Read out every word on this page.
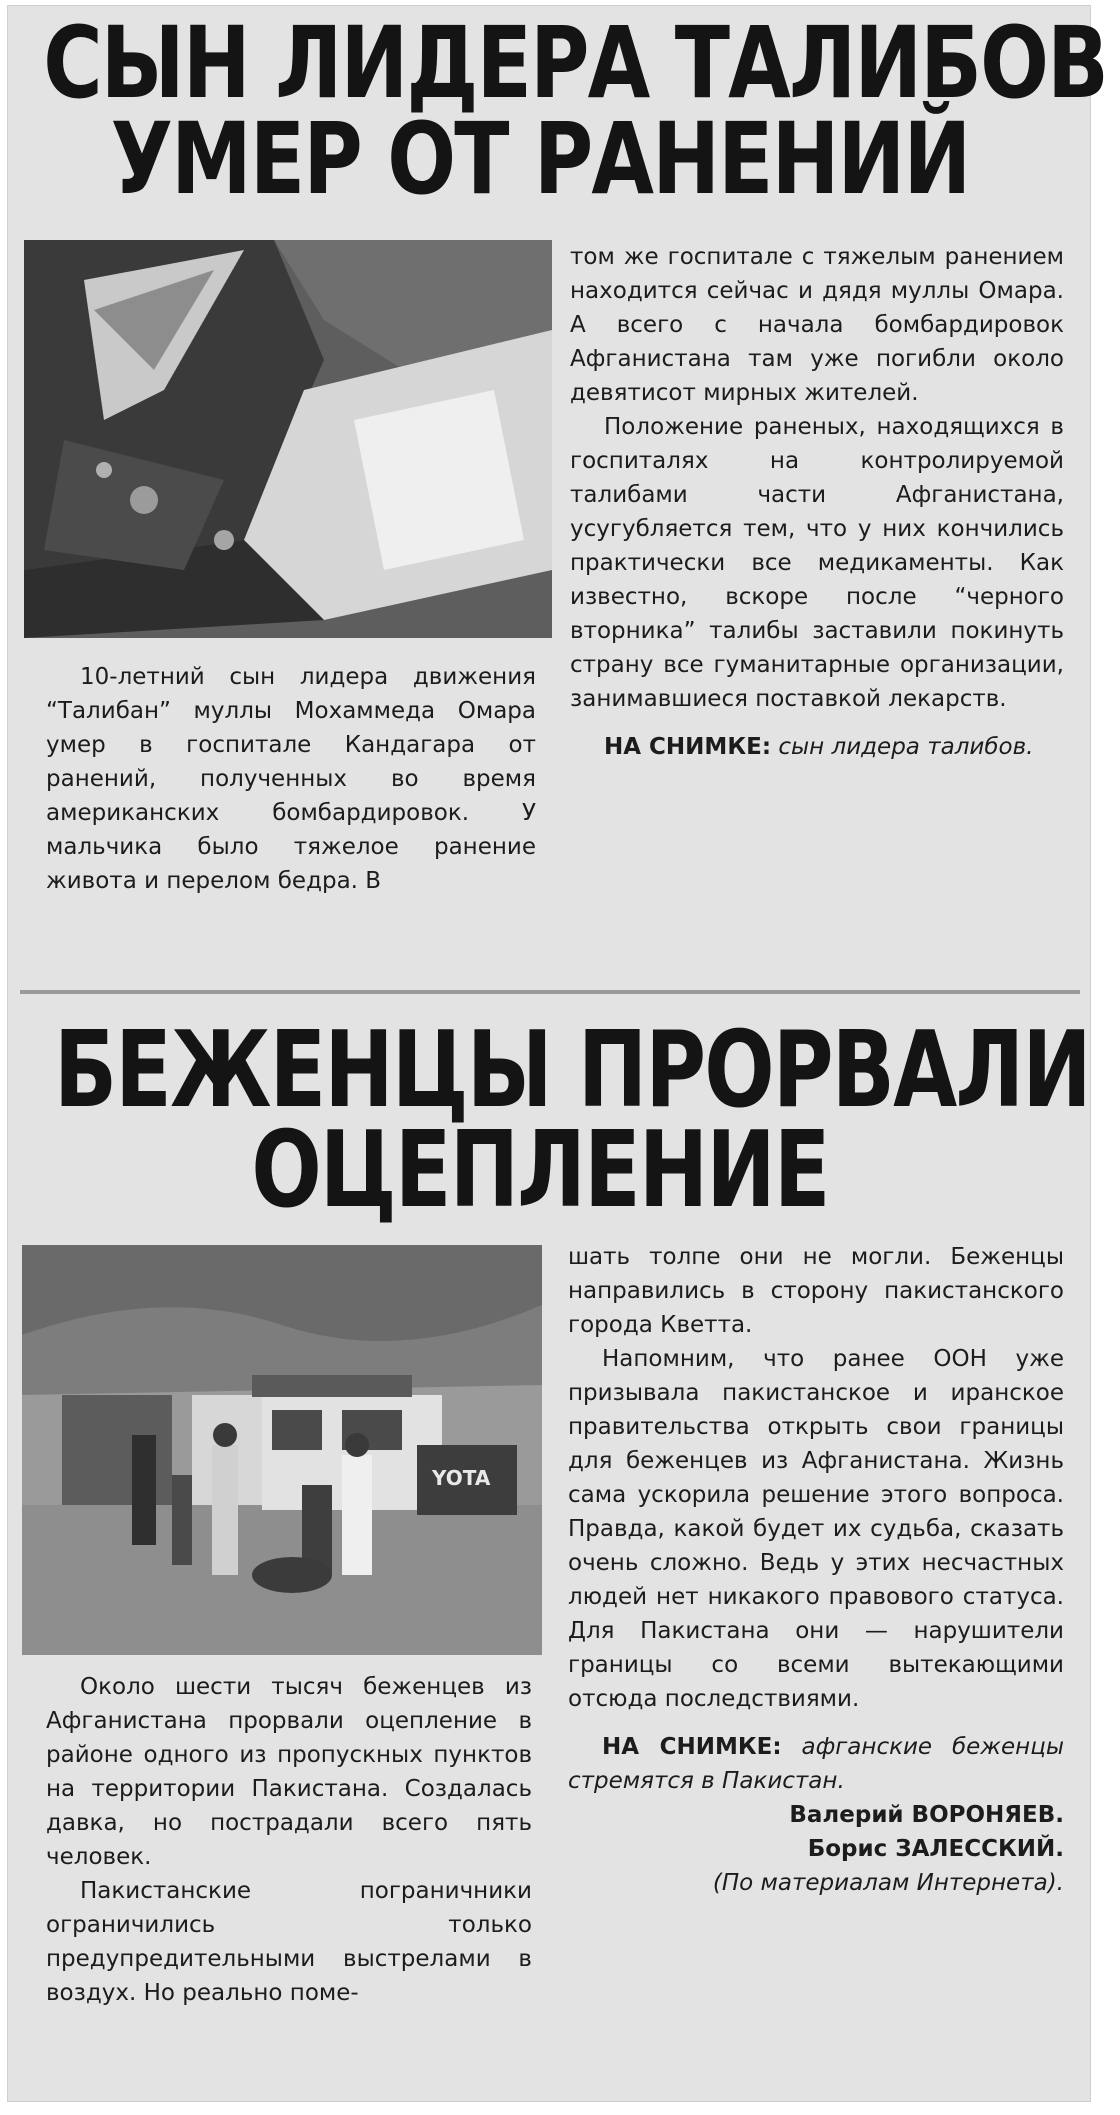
СЫН ЛИДЕРА ТАЛИБОВ
УМЕР ОТ РАНЕНИЙ

10-летний сын лидера движения “Талибан” муллы Мохаммеда Омара умер в госпитале Кандагара от ранений, полученных во время американских бомбардировок. У мальчика было тяжелое ранение живота и перелом бедра. В

том же госпитале с тяжелым ранением находится сейчас и дядя муллы Омара. А всего с начала бомбардировок Афганистана там уже погибли около девятисот мирных жителей.

Положение раненых, находящихся в госпиталях на контролируемой талибами части Афганистана, усугубляется тем, что у них кончились практически все медикаменты. Как известно, вскоре после “черного вторника” талибы заставили покинуть страну все гуманитарные организации, занимавшиеся поставкой лекарств.

НА СНИМКЕ: сын лидера талибов.

БЕЖЕНЦЫ ПРОРВАЛИ
ОЦЕПЛЕНИЕ
YOTA

Около шести тысяч беженцев из Афганистана прорвали оцепление в районе одного из пропускных пунктов на территории Пакистана. Создалась давка, но пострадали всего пять человек.

Пакистанские пограничники ограничились только предупредительными выстрелами в воздух. Но реально поме-

шать толпе они не могли. Беженцы направились в сторону пакистанского города Кветта.

Напомним, что ранее ООН уже призывала пакистанское и иранское правительства открыть свои границы для беженцев из Афганистана. Жизнь сама ускорила решение этого вопроса. Правда, какой будет их судьба, сказать очень сложно. Ведь у этих несчастных людей нет никакого правового статуса. Для Пакистана они — нарушители границы со всеми вытекающими отсюда последствиями.

НА СНИМКЕ: афганские беженцы стремятся в Пакистан.

Валерий ВОРОНЯЕВ.

Борис ЗАЛЕССКИЙ.

(По материалам Интернета).
